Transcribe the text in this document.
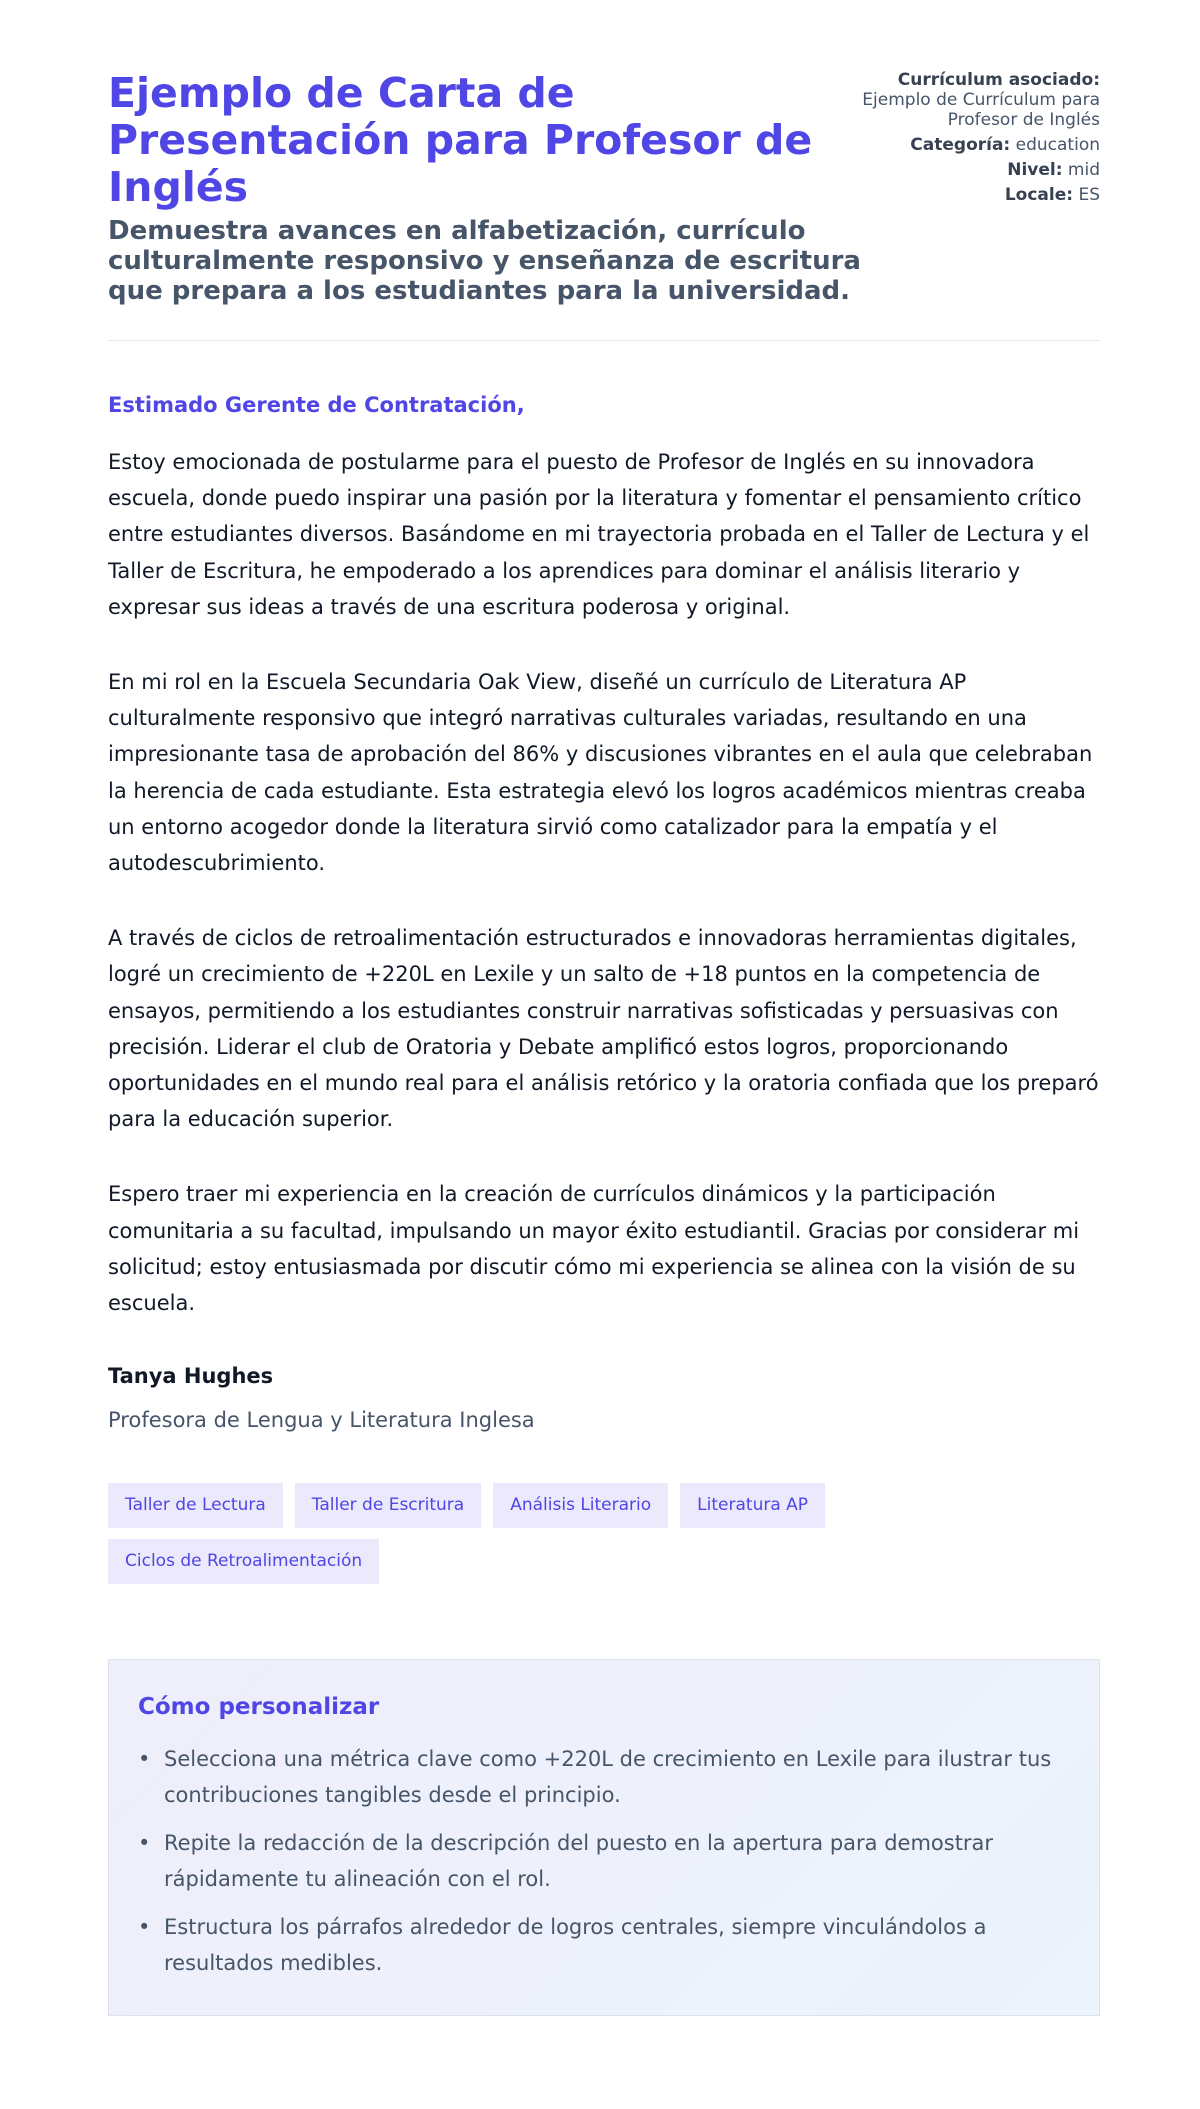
Ejemplo de Carta de Presentación para Profesor de Inglés
Demuestra avances en alfabetización, currículo culturalmente responsivo y enseñanza de escritura que prepara a los estudiantes para la universidad.
Currículum asociado:
Ejemplo de Currículum para Profesor de Inglés
Categoría: education
Nivel: mid
Locale: ES
Estimado Gerente de Contratación,

Estoy emocionada de postularme para el puesto de Profesor de Inglés en su innovadora escuela, donde puedo inspirar una pasión por la literatura y fomentar el pensamiento crítico entre estudiantes diversos. Basándome en mi trayectoria probada en el Taller de Lectura y el Taller de Escritura, he empoderado a los aprendices para dominar el análisis literario y expresar sus ideas a través de una escritura poderosa y original.

En mi rol en la Escuela Secundaria Oak View, diseñé un currículo de Literatura AP culturalmente responsivo que integró narrativas culturales variadas, resultando en una impresionante tasa de aprobación del 86% y discusiones vibrantes en el aula que celebraban la herencia de cada estudiante. Esta estrategia elevó los logros académicos mientras creaba un entorno acogedor donde la literatura sirvió como catalizador para la empatía y el autodescubrimiento.

A través de ciclos de retroalimentación estructurados e innovadoras herramientas digitales, logré un crecimiento de +220L en Lexile y un salto de +18 puntos en la competencia de ensayos, permitiendo a los estudiantes construir narrativas sofisticadas y persuasivas con precisión. Liderar el club de Oratoria y Debate amplificó estos logros, proporcionando oportunidades en el mundo real para el análisis retórico y la oratoria confiada que los preparó para la educación superior.

Espero traer mi experiencia en la creación de currículos dinámicos y la participación comunitaria a su facultad, impulsando un mayor éxito estudiantil. Gracias por considerar mi solicitud; estoy entusiasmada por discutir cómo mi experiencia se alinea con la visión de su escuela.

Tanya Hughes
Profesora de Lengua y Literatura Inglesa
Taller de Lectura	Taller de Escritura	Análisis Literario	Literatura AP
Ciclos de Retroalimentación
Cómo personalizar
• Selecciona una métrica clave como +220L de crecimiento en Lexile para ilustrar tus contribuciones tangibles desde el principio.
• Repite la redacción de la descripción del puesto en la apertura para demostrar rápidamente tu alineación con el rol.
• Estructura los párrafos alrededor de logros centrales, siempre vinculándolos a resultados medibles.
